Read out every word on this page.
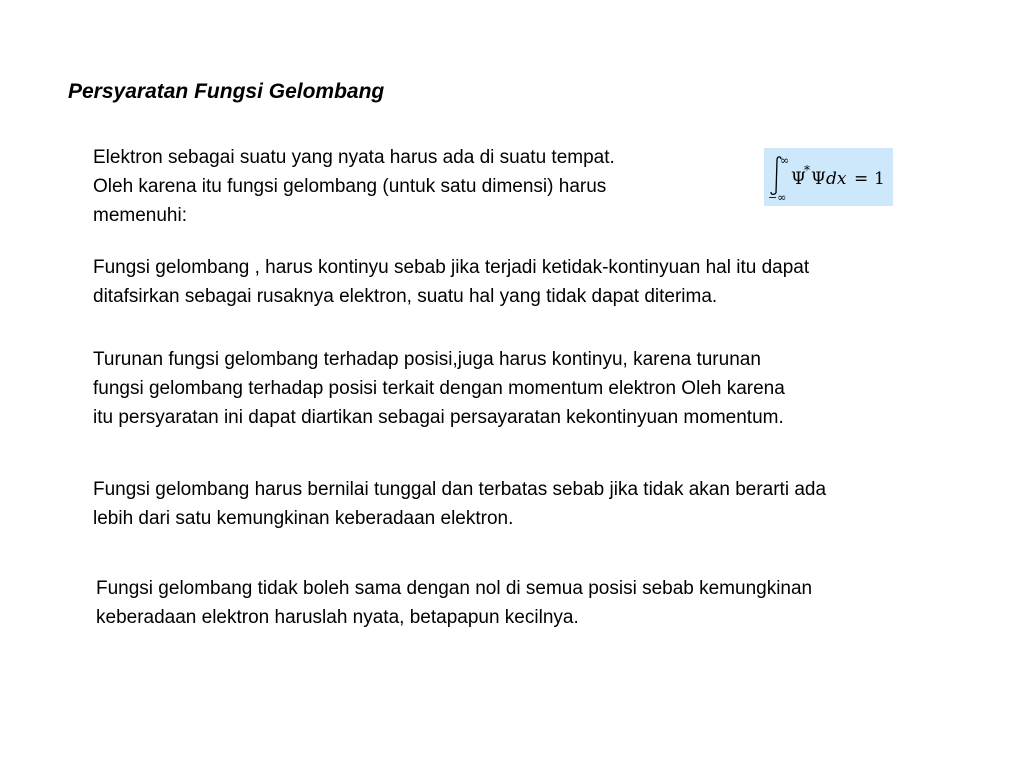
Persyaratan Fungsi Gelombang
Elektron sebagai suatu yang nyata harus ada di suatu tempat.
Oleh karena itu fungsi gelombang (untuk satu dimensi) harus
memenuhi:
∞
−∞
Ψ
* Ψ dx = 1
Fungsi gelombang , harus kontinyu sebab jika terjadi ketidak-kontinyuan hal itu dapat
ditafsirkan sebagai rusaknya elektron, suatu hal yang tidak dapat diterima.
Turunan fungsi gelombang terhadap posisi,juga harus kontinyu, karena turunan
fungsi gelombang terhadap posisi terkait dengan momentum elektron Oleh karena
itu persyaratan ini dapat diartikan sebagai persayaratan kekontinyuan momentum.
Fungsi gelombang harus bernilai tunggal dan terbatas sebab jika tidak akan berarti ada
lebih dari satu kemungkinan keberadaan elektron.
Fungsi gelombang tidak boleh sama dengan nol di semua posisi sebab kemungkinan
keberadaan elektron haruslah nyata, betapapun kecilnya.
